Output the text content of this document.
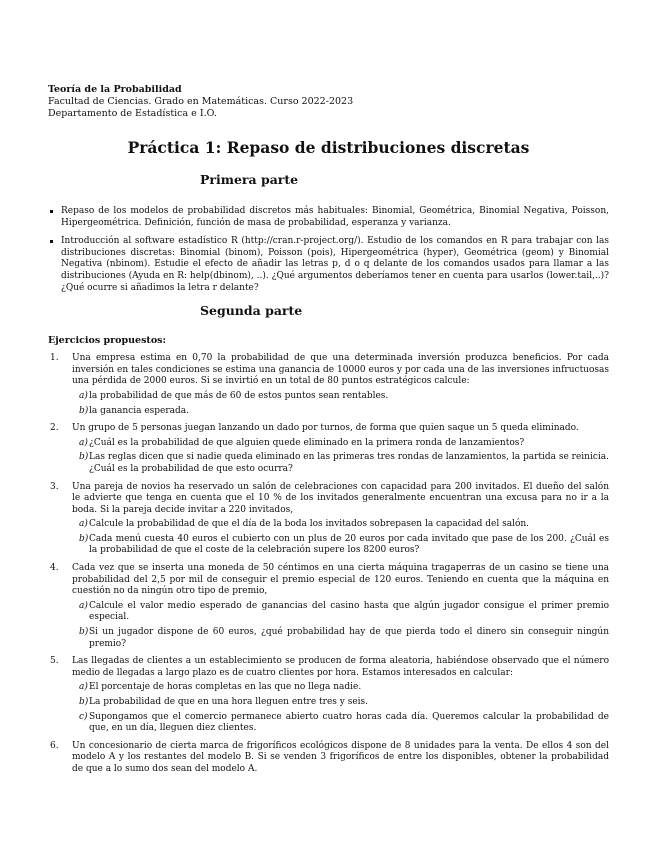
Teoría de la Probabilidad
Facultad de Ciencias. Grado en Matemáticas. Curso 2022-2023
Departamento de Estadística e I.O.
Práctica 1: Repaso de distribuciones discretas
Primera parte
Repaso de los modelos de probabilidad discretos más habituales: Binomial, Geométrica, Binomial Negativa, Poisson, Hipergeométrica. Definición, función de masa de probabilidad, esperanza y varianza.
Introducción al software estadístico R (http://cran.r-project.org/). Estudio de los comandos en R para trabajar con las distribuciones discretas: Binomial (binom), Poisson (pois), Hipergeométrica (hyper), Geométrica (geom) y Binomial Negativa (nbinom). Estudie el efecto de añadir las letras p, d o q delante de los comandos usados para llamar a las distribuciones (Ayuda en R: help(dbinom), ..). ¿Qué argumentos deberíamos tener en cuenta para usarlos (lower.tail,..)? ¿Qué ocurre si añadimos la letra r delante?
Segunda parte
Ejercicios propuestos:
1. Una empresa estima en 0,70 la probabilidad de que una determinada inversión produzca beneficios. Por cada inversión en tales condiciones se estima una ganancia de 10000 euros y por cada una de las inversiones infructuosas una pérdida de 2000 euros. Si se invirtió en un total de 80 puntos estratégicos calcule:
a) la probabilidad de que más de 60 de estos puntos sean rentables.
b) la ganancia esperada.
2. Un grupo de 5 personas juegan lanzando un dado por turnos, de forma que quien saque un 5 queda eliminado.
a) ¿Cuál es la probabilidad de que alguien quede eliminado en la primera ronda de lanzamientos?
b) Las reglas dicen que si nadie queda eliminado en las primeras tres rondas de lanzamientos, la partida se reinicia. ¿Cuál es la probabilidad de que esto ocurra?
3. Una pareja de novios ha reservado un salón de celebraciones con capacidad para 200 invitados. El dueño del salón le advierte que tenga en cuenta que el 10 % de los invitados generalmente encuentran una excusa para no ir a la boda. Si la pareja decide invitar a 220 invitados,
a) Calcule la probabilidad de que el día de la boda los invitados sobrepasen la capacidad del salón.
b) Cada menú cuesta 40 euros el cubierto con un plus de 20 euros por cada invitado que pase de los 200. ¿Cuál es la probabilidad de que el coste de la celebración supere los 8200 euros?
4. Cada vez que se inserta una moneda de 50 céntimos en una cierta máquina tragaperras de un casino se tiene una probabilidad del 2,5 por mil de conseguir el premio especial de 120 euros. Teniendo en cuenta que la máquina en cuestión no da ningún otro tipo de premio,
a) Calcule el valor medio esperado de ganancias del casino hasta que algún jugador consigue el primer premio especial.
b) Si un jugador dispone de 60 euros, ¿qué probabilidad hay de que pierda todo el dinero sin conseguir ningún premio?
5. Las llegadas de clientes a un establecimiento se producen de forma aleatoria, habiéndose observado que el número medio de llegadas a largo plazo es de cuatro clientes por hora. Estamos interesados en calcular:
a) El porcentaje de horas completas en las que no llega nadie.
b) La probabilidad de que en una hora lleguen entre tres y seis.
c) Supongamos que el comercio permanece abierto cuatro horas cada día. Queremos calcular la probabilidad de que, en un día, lleguen diez clientes.
6. Un concesionario de cierta marca de frigoríficos ecológicos dispone de 8 unidades para la venta. De ellos 4 son del modelo A y los restantes del modelo B. Si se venden 3 frigoríficos de entre los disponibles, obtener la probabilidad de que a lo sumo dos sean del modelo A.
